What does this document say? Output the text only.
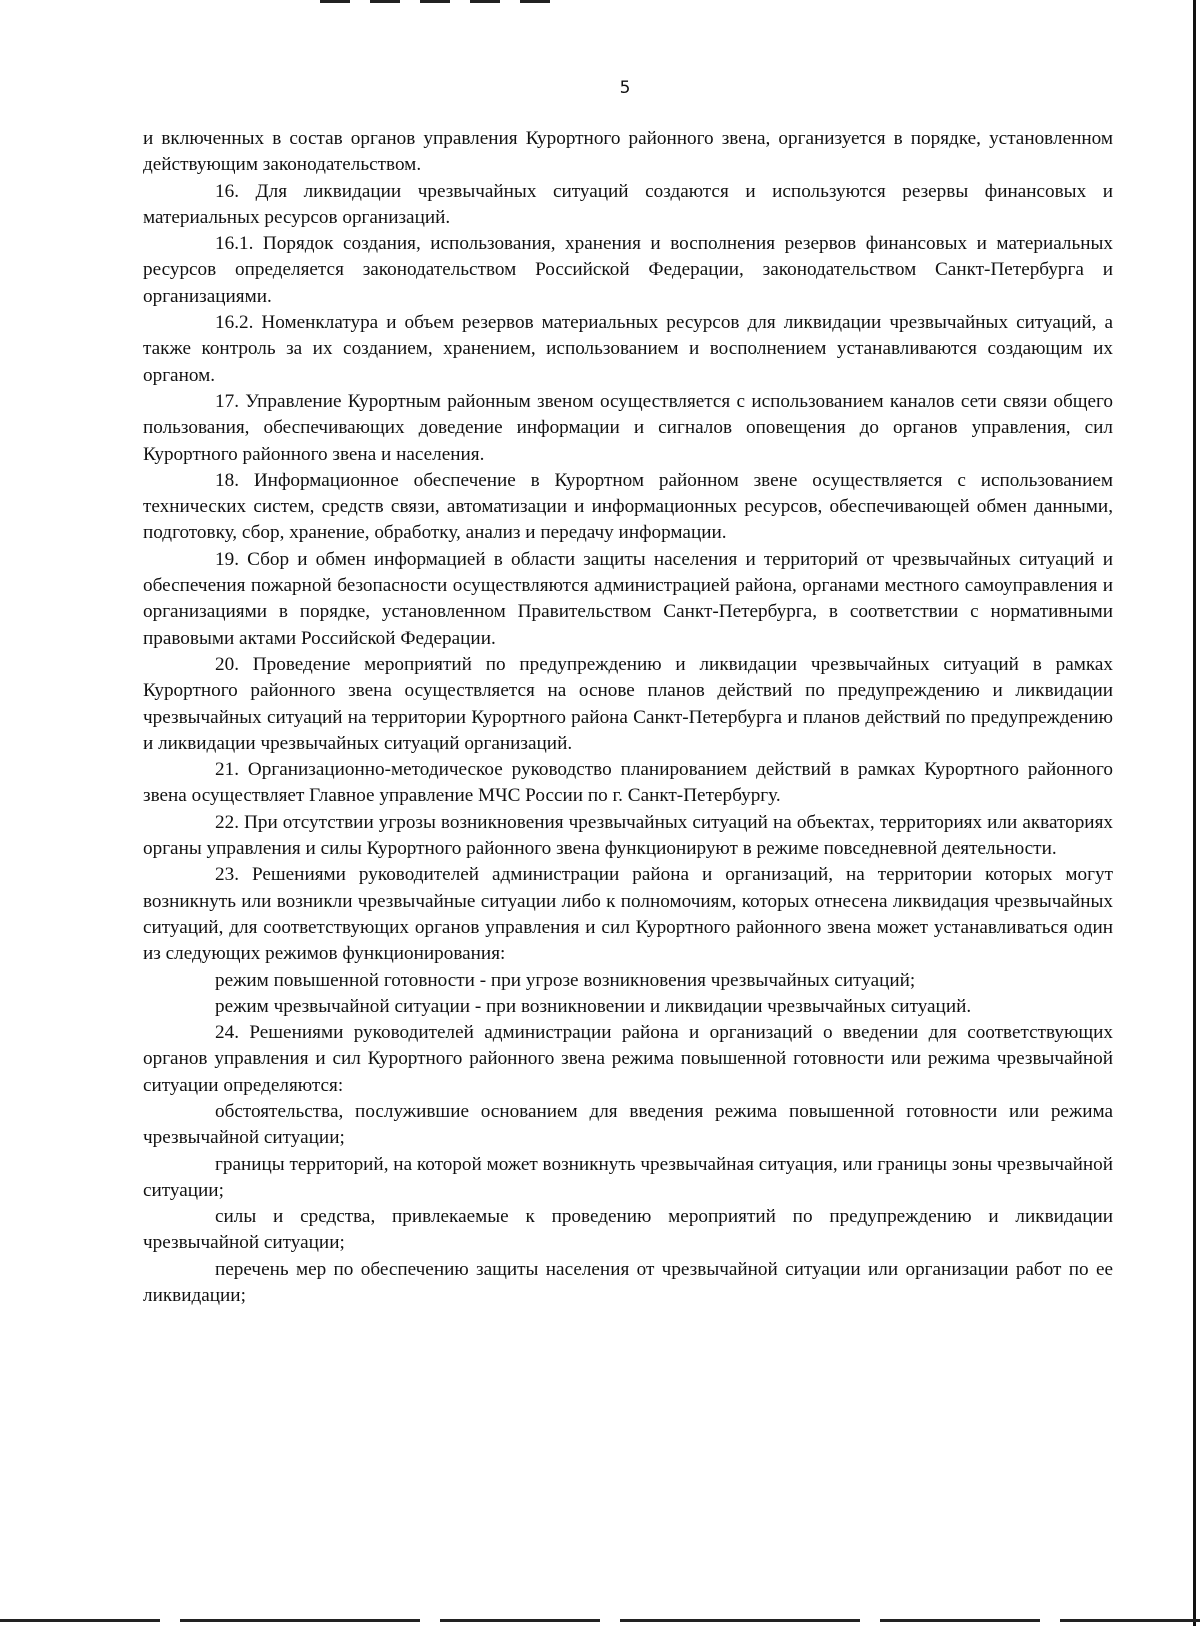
5

и включенных в состав органов управления Курортного районного звена, организуется в порядке, установленном действующим законодательством.

16. Для ликвидации чрезвычайных ситуаций создаются и используются резервы финансовых и материальных ресурсов организаций.

16.1. Порядок создания, использования, хранения и восполнения резервов финансовых и материальных ресурсов определяется законодательством Российской Федерации, законодательством Санкт-Петербурга и организациями.

16.2. Номенклатура и объем резервов материальных ресурсов для ликвидации чрезвычайных ситуаций, а также контроль за их созданием, хранением, использованием и восполнением устанавливаются создающим их органом.

17. Управление Курортным районным звеном осуществляется с использованием каналов сети связи общего пользования, обеспечивающих доведение информации и сигналов оповещения до органов управления, сил Курортного районного звена и населения.

18. Информационное обеспечение в Курортном районном звене осуществляется с использованием технических систем, средств связи, автоматизации и информационных ресурсов, обеспечивающей обмен данными, подготовку, сбор, хранение, обработку, анализ и передачу информации.

19. Сбор и обмен информацией в области защиты населения и территорий от чрезвычайных ситуаций и обеспечения пожарной безопасности осуществляются администрацией района, органами местного самоуправления и организациями в порядке, установленном Правительством Санкт-Петербурга, в соответствии с нормативными правовыми актами Российской Федерации.

20. Проведение мероприятий по предупреждению и ликвидации чрезвычайных ситуаций в рамках Курортного районного звена осуществляется на основе планов действий по предупреждению и ликвидации чрезвычайных ситуаций на территории Курортного района Санкт-Петербурга и планов действий по предупреждению и ликвидации чрезвычайных ситуаций организаций.

21. Организационно-методическое руководство планированием действий в рамках Курортного районного звена осуществляет Главное управление МЧС России по г. Санкт-Петербургу.

22. При отсутствии угрозы возникновения чрезвычайных ситуаций на объектах, территориях или акваториях органы управления и силы Курортного районного звена функционируют в режиме повседневной деятельности.

23. Решениями руководителей администрации района и организаций, на территории которых могут возникнуть или возникли чрезвычайные ситуации либо к полномочиям, которых отнесена ликвидация чрезвычайных ситуаций, для соответствующих органов управления и сил Курортного районного звена может устанавливаться один из следующих режимов функционирования:

режим повышенной готовности - при угрозе возникновения чрезвычайных ситуаций;

режим чрезвычайной ситуации - при возникновении и ликвидации чрезвычайных ситуаций.

24. Решениями руководителей администрации района и организаций о введении для соответствующих органов управления и сил Курортного районного звена режима повышенной готовности или режима чрезвычайной ситуации определяются:

обстоятельства, послужившие основанием для введения режима повышенной готовности или режима чрезвычайной ситуации;

границы территорий, на которой может возникнуть чрезвычайная ситуация, или границы зоны чрезвычайной ситуации;

силы и средства, привлекаемые к проведению мероприятий по предупреждению и ликвидации чрезвычайной ситуации;

перечень мер по обеспечению защиты населения от чрезвычайной ситуации или организации работ по ее ликвидации;
